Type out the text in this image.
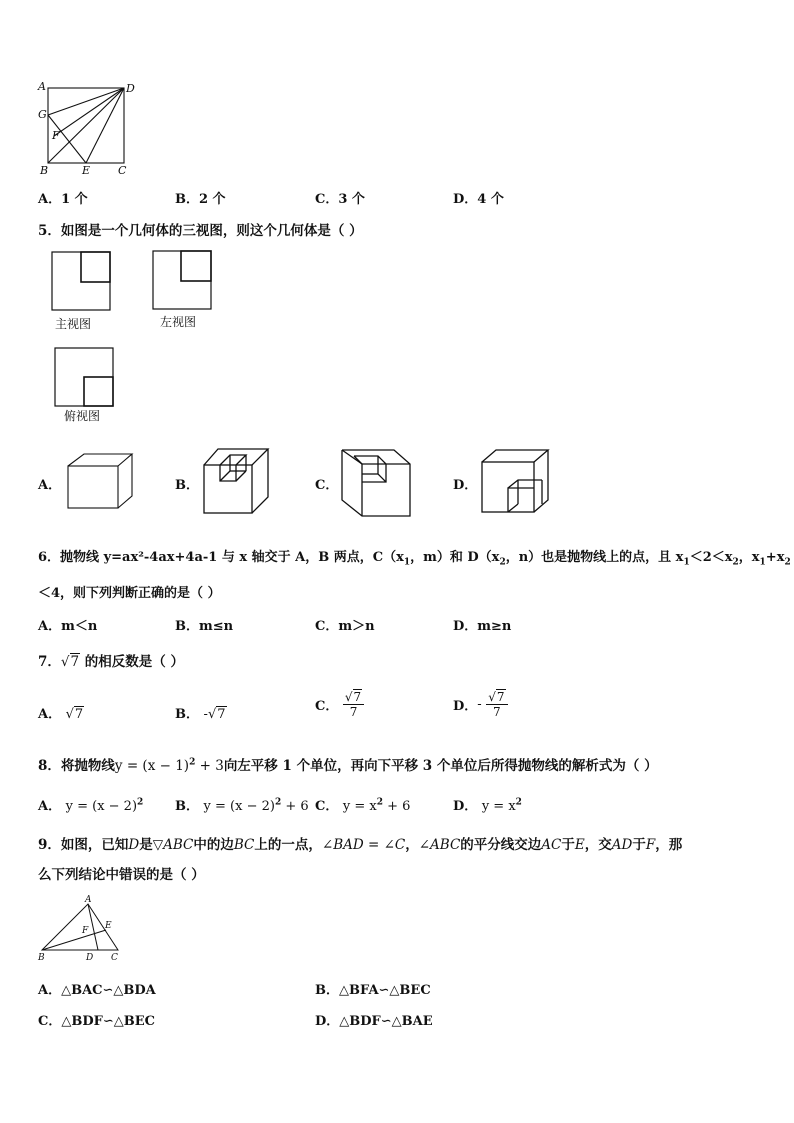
A	D
G
F
B	E	C
A．1 个	B．2 个	C．3 个	D．4 个
5．如图是一个几何体的三视图，则这个几何体是（ ）
主视图	左视图
俯视图
A．	B．	C．	D．
6．抛物线 y=ax²-4ax+4a-1 与 x 轴交于 A，B 两点，$C(x_1$，m）和 $D(x_2$，n）也是抛物线上的点，且 $x_1<2<x_2$，$x_1+x_2$
＜4，则下列判断正确的是（ ）
A．m＜n	B．m≤n	C．m＞n	D．m≥n
7．√7 的相反数是（ ）
A． √7	B． -√7
C． $\frac{√7}{7}$	D．- $\frac{√7}{7}$
8．将抛物线$y = (x - 1)^2 + 3$向左平移 1 个单位，再向下平移 3 个单位后所得抛物线的解析式为（ ）
A． $y = (x - 2)^2$ B． $y = (x - 2)^2 + 6$ C． $y = x^2 + 6$	D． $y = x^2$
9．如图，已知D是▽ABC中的边BC上的一点，∠BAD = ∠C，∠ABC的平分线交边AC于E，交AD于F，那
么下列结论中错误的是（ ）
A
E
F
B	D C
A．△BAC∽△BDA	B．△BFA∽△BEC
C．△BDF∽△BEC	D．△BDF∽△BAE
